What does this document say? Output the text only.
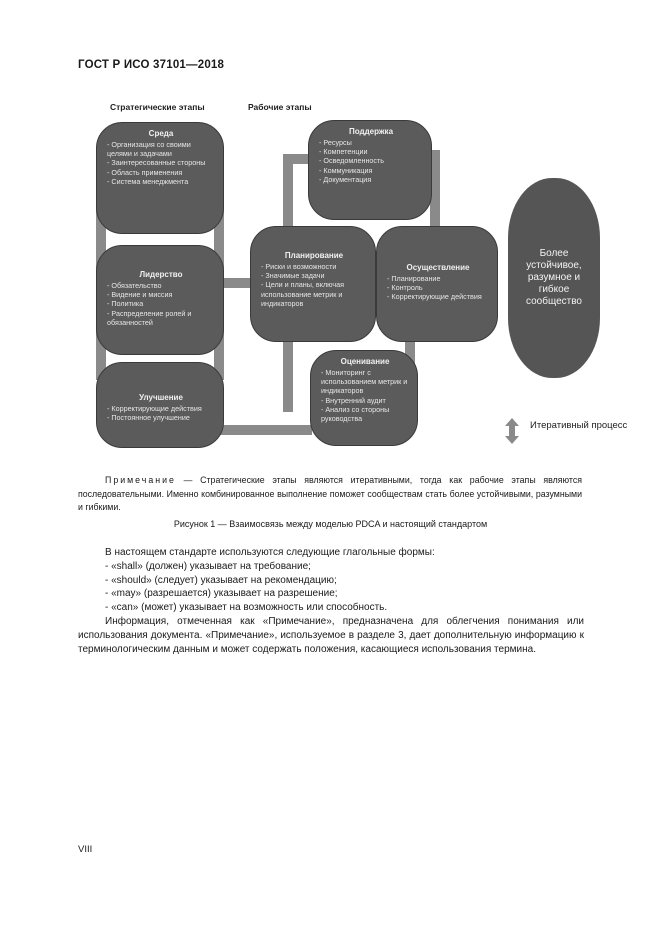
ГОСТ Р ИСО 37101—2018
Стратегические этапы	Рабочие этапы
Среда
- Организация со своими целями и задачами
- Заинтересованные стороны
- Область применения
- Система менеджмента
Лидерство
- Обязательство
- Видение и миссия
- Политика
- Распределение ролей и обязанностей
Улучшение
- Корректирующие действия
- Постоянное улучшение
Поддержка
- Ресурсы
- Компетенции
- Осведомленность
- Коммуникация
- Документация
Планирование
- Риски и возможности
- Значимые задачи
- Цели и планы, включая использование метрик и индикаторов
Осуществление
- Планирование
- Контроль
- Корректирующие действия
Оценивание
- Мониторинг с использованием метрик и индикаторов
- Внутренний аудит
- Анализ со стороны руководства
Более устойчивое, разумное и гибкое сообщество
Итеративный процесс
Примечание — Стратегические этапы являются итеративными, тогда как рабочие этапы являются последовательными. Именно комбинированное выполнение поможет сообществам стать более устойчивыми, разумными и гибкими.
Рисунок 1 — Взаимосвязь между моделью PDCA и настоящий стандартом

В настоящем стандарте используются следующие глагольные формы:

- «shall» (должен) указывает на требование;

- «should» (следует) указывает на рекомендацию;

- «may» (разрешается) указывает на разрешение;

- «can» (может) указывает на возможность или способность.

Информация, отмеченная как «Примечание», предназначена для облегчения понимания или использования документа. «Примечание», используемое в разделе 3, дает дополнительную информацию к терминологическим данным и может содержать положения, касающиеся использования термина.

VIII
